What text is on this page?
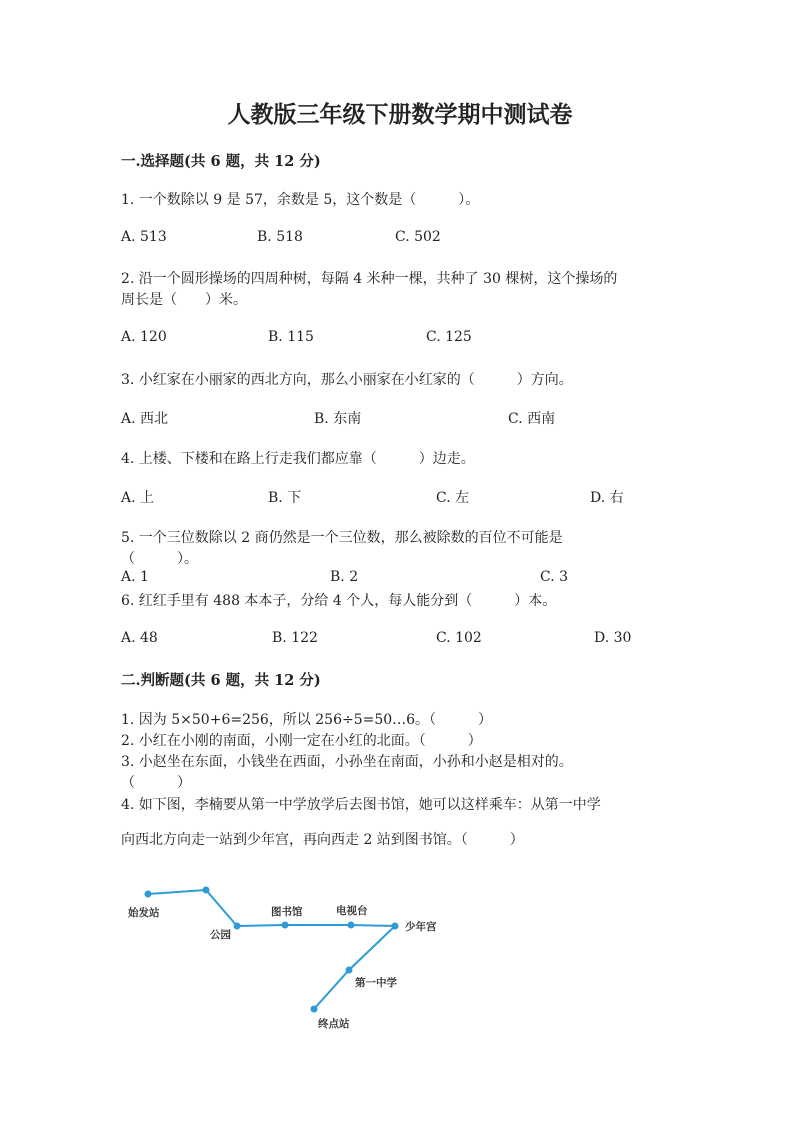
人教版三年级下册数学期中测试卷
一.选择题(共 6 题，共 12 分)
1. 一个数除以 9 是 57，余数是 5，这个数是（　　　）。
A. 513	B. 518	C. 502
2. 沿一个圆形操场的四周种树，每隔 4 米种一棵，共种了 30 棵树，这个操场的
周长是（　　）米。
A. 120	B. 115	C. 125
3. 小红家在小丽家的西北方向，那么小丽家在小红家的（　　　）方向。
A. 西北	B. 东南	C. 西南
4. 上楼、下楼和在路上行走我们都应靠（　　　）边走。
A. 上	B. 下	C. 左	D. 右
5. 一个三位数除以 2 商仍然是一个三位数，那么被除数的百位不可能是
（　　　）。
A. 1	B. 2	C. 3
6. 红红手里有 488 本本子，分给 4 个人，每人能分到（　　　）本。
A. 48	B. 122	C. 102	D. 30
二.判断题(共 6 题，共 12 分)
1. 因为 5×50+6=256，所以 256÷5=50…6。（　　　）
2. 小红在小刚的南面，小刚一定在小红的北面。（　　　）
3. 小赵坐在东面，小钱坐在西面，小孙坐在南面，小孙和小赵是相对的。
（　　　）
4. 如下图，李楠要从第一中学放学后去图书馆，她可以这样乘车：从第一中学
向西北方向走一站到少年宫，再向西走 2 站到图书馆。（　　　）
始发站
公园
图书馆	电视台
少年宫
第一中学
终点站
